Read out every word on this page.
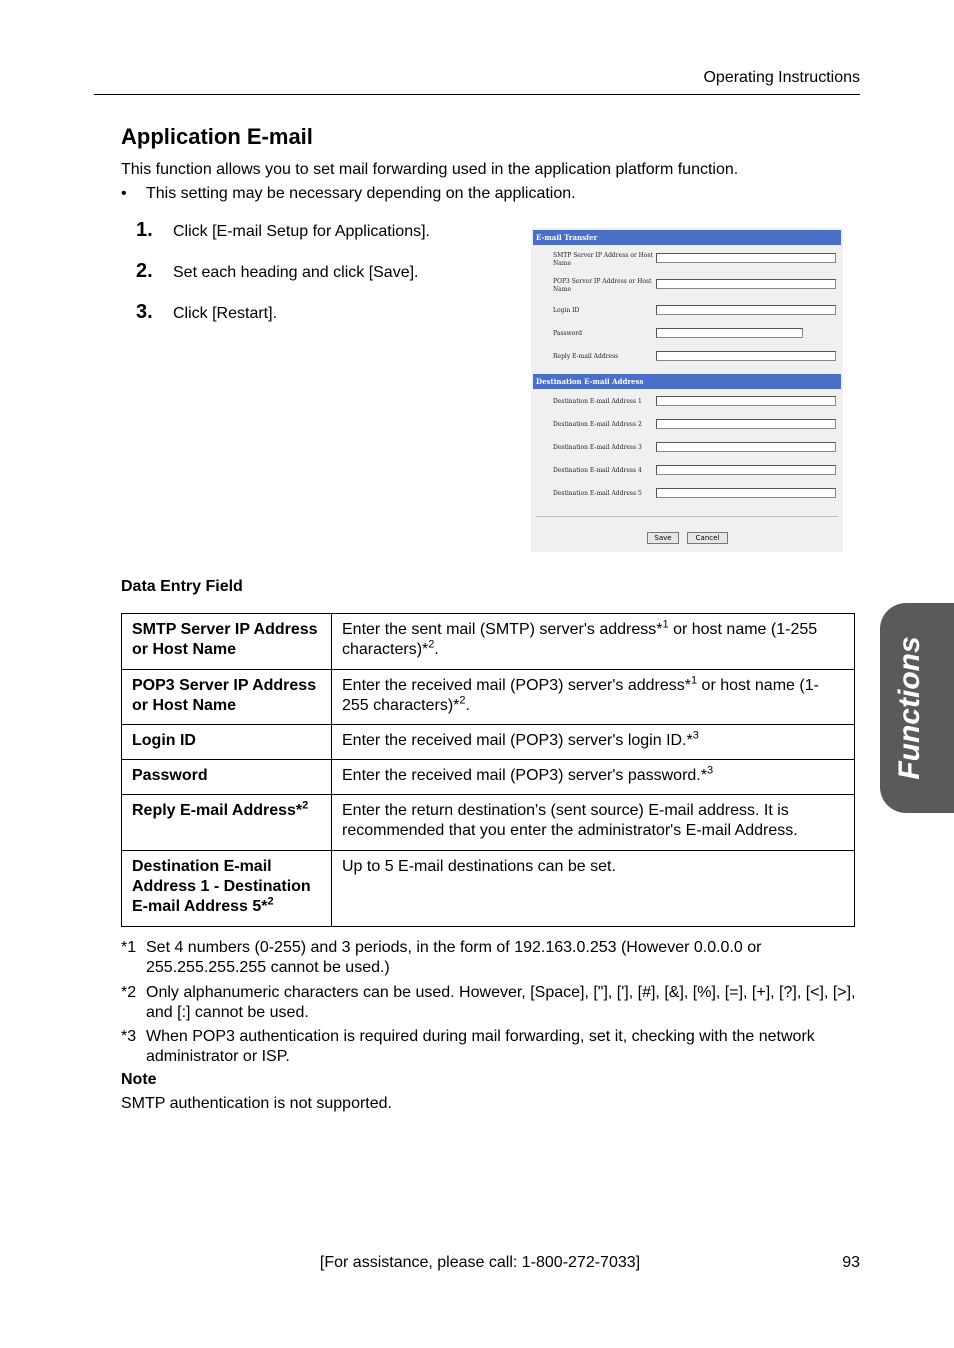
Operating Instructions
Application E-mail
This function allows you to set mail forwarding used in the application platform function.
• This setting may be necessary depending on the application.
1. Click [E-mail Setup for Applications].
2. Set each heading and click [Save].
3. Click [Restart].
E-mail Transfer
SMTP Server IP Address or Host Name
POP3 Server IP Address or Host Name
Login ID
Password
Reply E-mail Address
Destination E-mail Address
Destination E-mail Address 1
Destination E-mail Address 2
Destination E-mail Address 3
Destination E-mail Address 4
Destination E-mail Address 5
Save	Cancel
Functions
Data Entry Field
SMTP Server IP Address or Host Name	Enter the sent mail (SMTP) server's address*$^1$ or host name (1-255 characters)*$^2$.
POP3 Server IP Address or Host Name	Enter the received mail (POP3) server's address*$^1$ or host name (1-255 characters)*$^2$.
Login ID	Enter the received mail (POP3) server's login ID.*$^3$
Password	Enter the received mail (POP3) server's password.*$^3$
Reply E-mail Address*$^2$	Enter the return destination's (sent source) E-mail address. It is recommended that you enter the administrator's E-mail Address.
Destination E-mail Address 1 - Destination E-mail Address 5*$^2$	Up to 5 E-mail destinations can be set.
*1 Set 4 numbers (0-255) and 3 periods, in the form of 192.163.0.253 (However 0.0.0.0 or 255.255.255.255 cannot be used.)
*2 Only alphanumeric characters can be used. However, [Space], ["], ['], [#], [&], [%], [=], [+], [?], [<], [>], and [:] cannot be used.
*3 When POP3 authentication is required during mail forwarding, set it, checking with the network administrator or ISP.
Note
SMTP authentication is not supported.
[For assistance, please call: 1-800-272-7033]	93
